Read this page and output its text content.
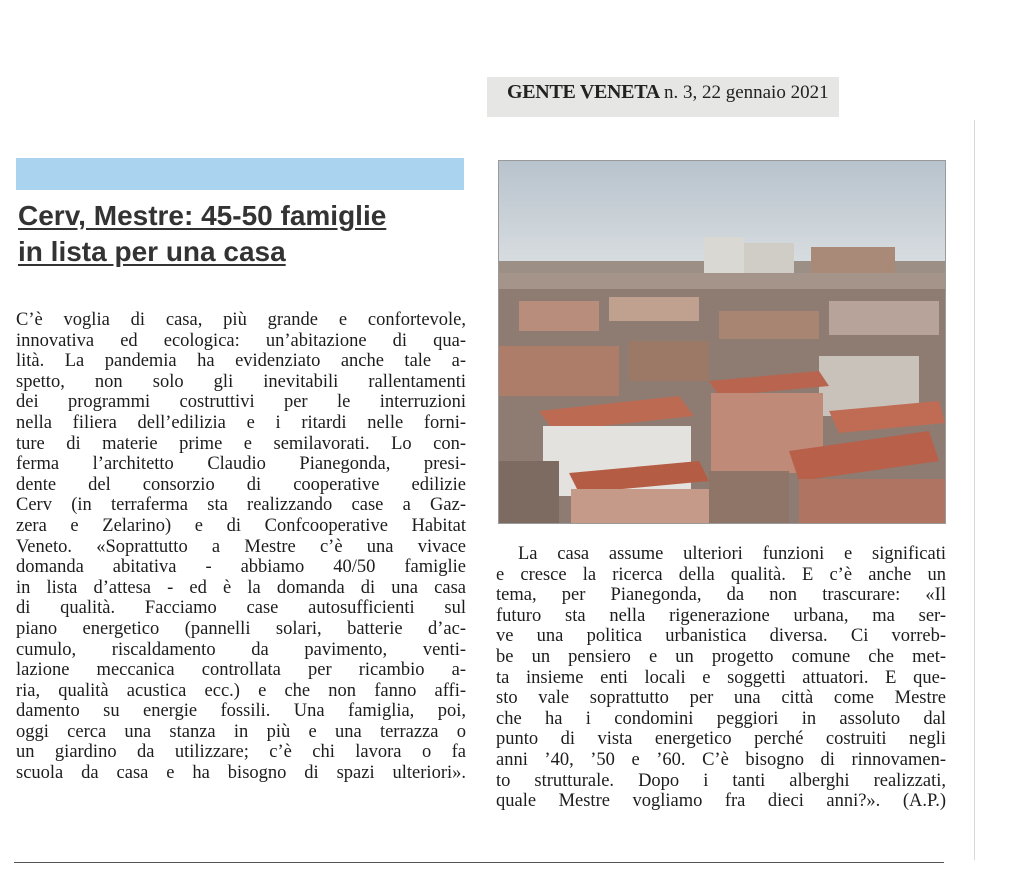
GENTE VENETA n. 3, 22 gennaio 2021
Cerv, Mestre: 45-50 famiglie
in lista per una casa
C’è voglia di casa, più grande e confortevole,
innovativa ed ecologica: un’abitazione di qua-
lità. La pandemia ha evidenziato anche tale a-
spetto, non solo gli inevitabili rallentamenti
dei programmi costruttivi per le interruzioni
nella filiera dell’edilizia e i ritardi nelle forni-
ture di materie prime e semilavorati. Lo con-
ferma l’architetto Claudio Pianegonda, presi-
dente del consorzio di cooperative edilizie
Cerv (in terraferma sta realizzando case a Gaz-
zera e Zelarino) e di Confcooperative Habitat
Veneto. «Soprattutto a Mestre c’è una vivace
domanda abitativa - abbiamo 40/50 famiglie
in lista d’attesa - ed è la domanda di una casa
di qualità. Facciamo case autosufficienti sul
piano energetico (pannelli solari, batterie d’ac-
cumulo, riscaldamento da pavimento, venti-
lazione meccanica controllata per ricambio a-
ria, qualità acustica ecc.) e che non fanno affi-
damento su energie fossili. Una famiglia, poi,
oggi cerca una stanza in più e una terrazza o
un giardino da utilizzare; c’è chi lavora o fa
scuola da casa e ha bisogno di spazi ulteriori».
La casa assume ulteriori funzioni e significati
e cresce la ricerca della qualità. E c’è anche un
tema, per Pianegonda, da non trascurare: «Il
futuro sta nella rigenerazione urbana, ma ser-
ve una politica urbanistica diversa. Ci vorreb-
be un pensiero e un progetto comune che met-
ta insieme enti locali e soggetti attuatori. E que-
sto vale soprattutto per una città come Mestre
che ha i condomini peggiori in assoluto dal
punto di vista energetico perché costruiti negli
anni ’40, ’50 e ’60. C’è bisogno di rinnovamen-
to strutturale. Dopo i tanti alberghi realizzati,
quale Mestre vogliamo fra dieci anni?». (A.P.)
